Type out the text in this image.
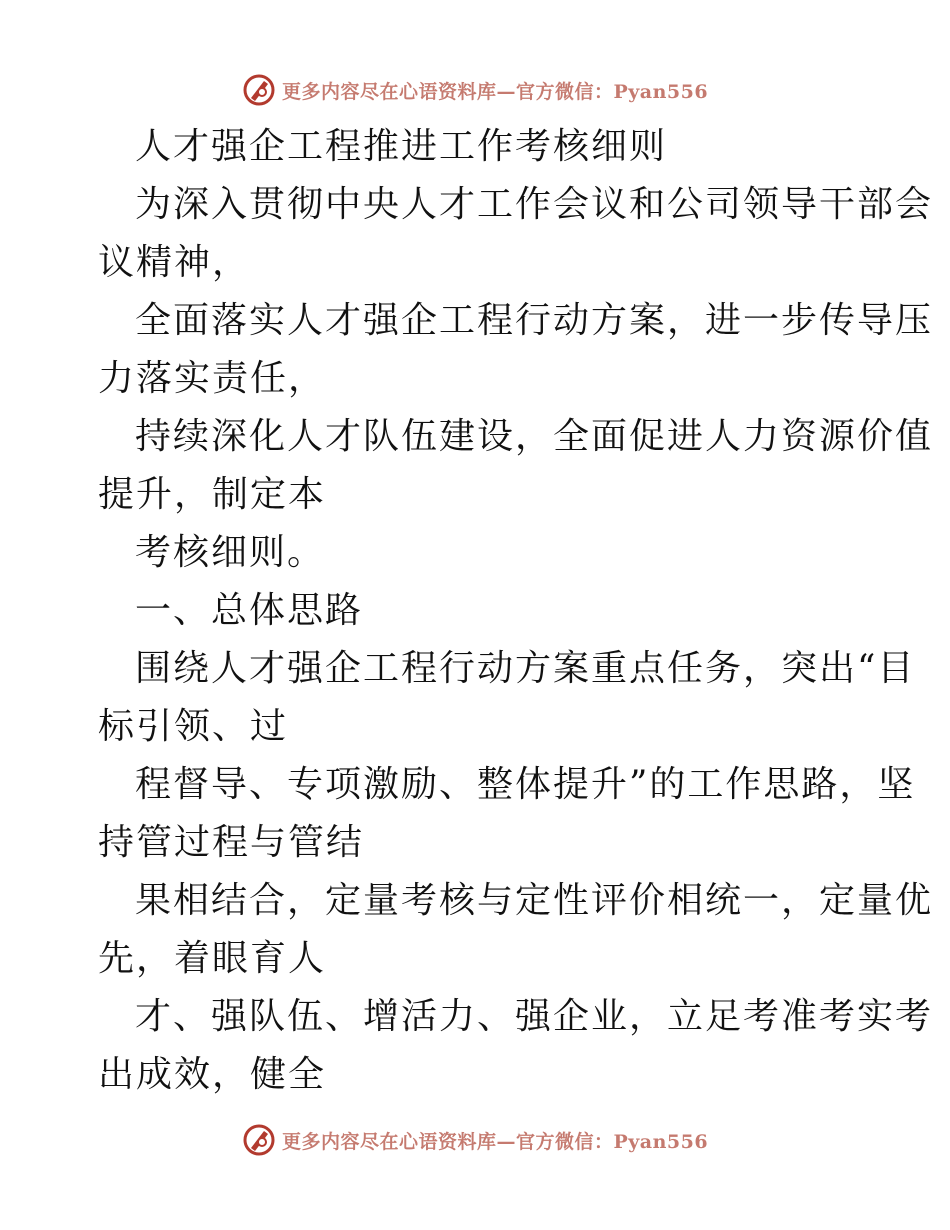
更多内容尽在心语资料库—官方微信：Pyan556
人才强企工程推进工作考核细则
为深入贯彻中央人才工作会议和公司领导干部会
议精神，
全面落实人才强企工程行动方案，进一步传导压
力落实责任，
持续深化人才队伍建设，全面促进人力资源价值
提升，制定本
考核细则。
一、总体思路
围绕人才强企工程行动方案重点任务，突出“目
标引领、过
程督导、专项激励、整体提升”的工作思路，坚
持管过程与管结
果相结合，定量考核与定性评价相统一，定量优
先，着眼育人
才、强队伍、增活力、强企业，立足考准考实考
出成效，健全
更多内容尽在心语资料库—官方微信：Pyan556
